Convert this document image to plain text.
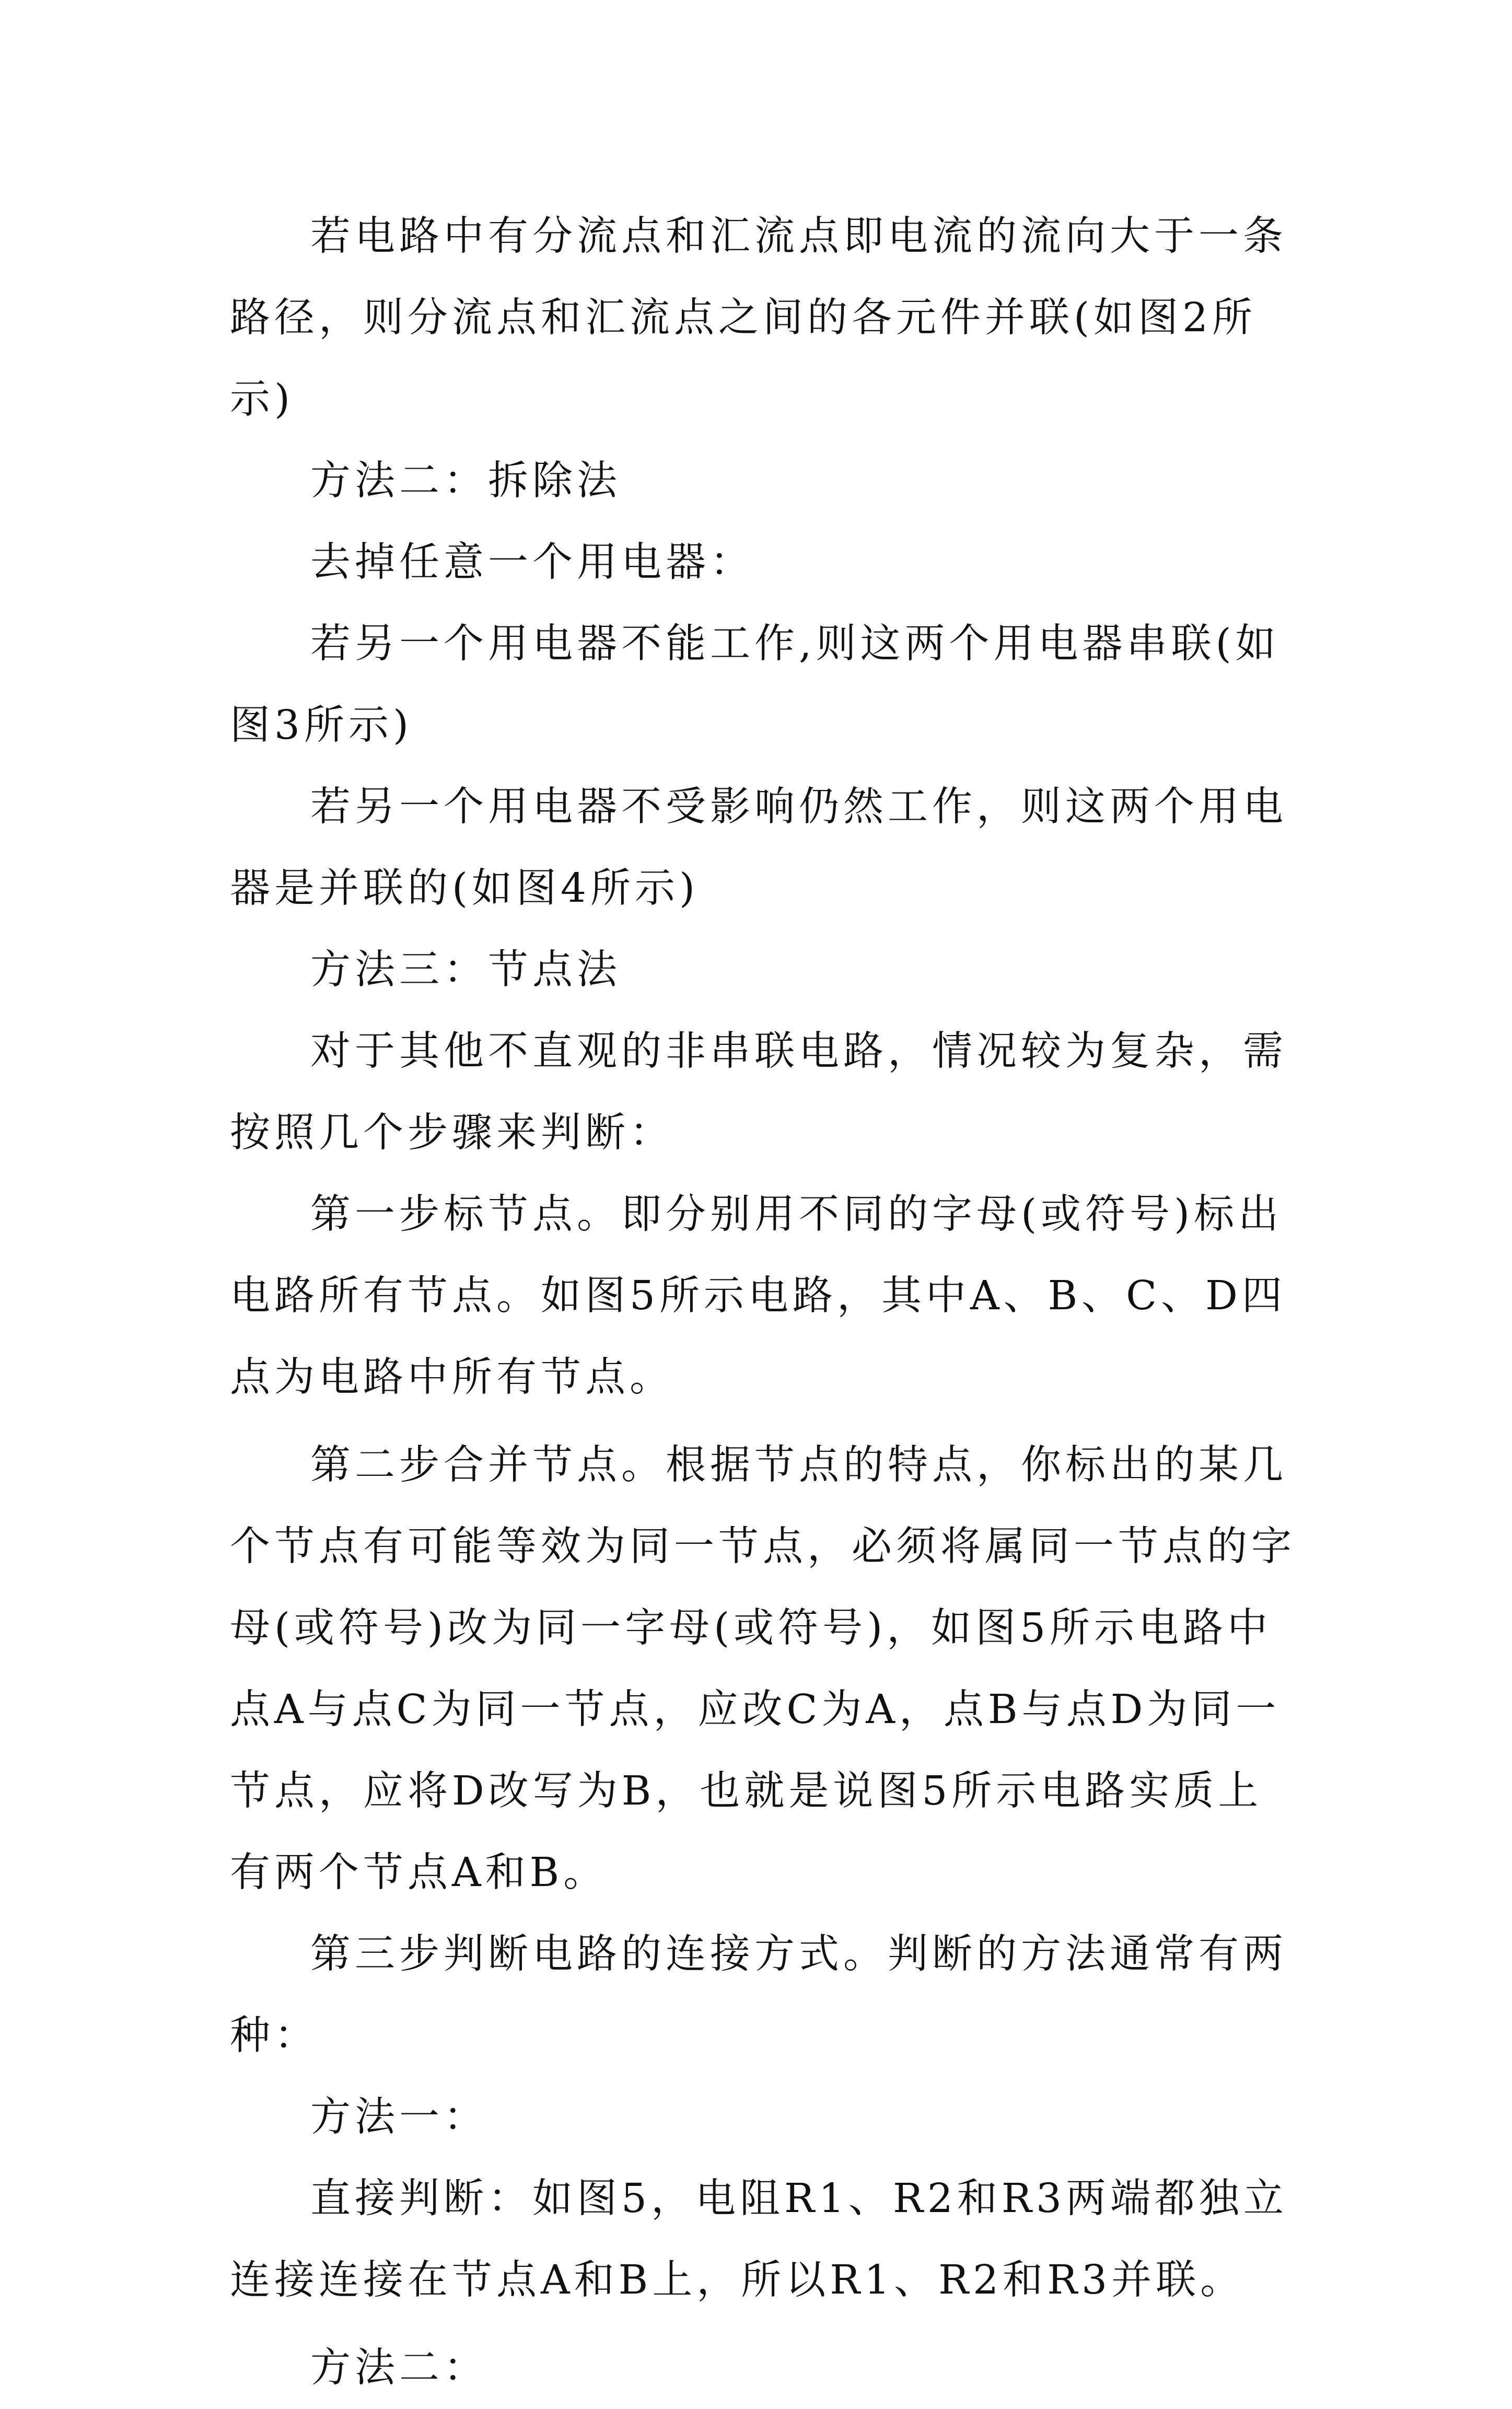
若电路中有分流点和汇流点即电流的流向大于一条路径，则分流点和汇流点之间的各元件并联(如图2所示)

方法二：拆除法

去掉任意一个用电器：

若另一个用电器不能工作,则这两个用电器串联(如图3所示)

若另一个用电器不受影响仍然工作，则这两个用电器是并联的(如图4所示)

方法三：节点法

对于其他不直观的非串联电路，情况较为复杂，需按照几个步骤来判断：

第一步标节点。即分别用不同的字母(或符号)标出电路所有节点。如图5所示电路，其中A、B、C、D四点为电路中所有节点。

第二步合并节点。根据节点的特点，你标出的某几个节点有可能等效为同一节点，必须将属同一节点的字母(或符号)改为同一字母(或符号)，如图5所示电路中点A与点C为同一节点，应改C为A，点B与点D为同一节点，应将D改写为B，也就是说图5所示电路实质上有两个节点A和B。

第三步判断电路的连接方式。判断的方法通常有两种：

方法一：

直接判断：如图5，电阻R1、R2和R3两端都独立连接连接在节点A和B上，所以R1、R2和R3并联。

方法二：
